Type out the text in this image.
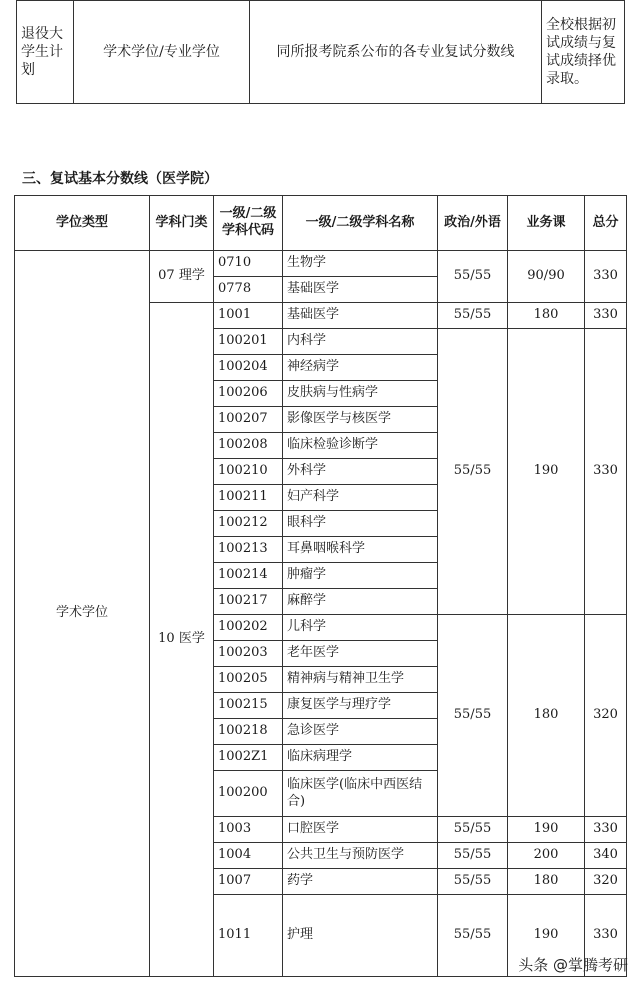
退役大学生计划	学术学位/专业学位	同所报考院系公布的各专业复试分数线	全校根据初试成绩与复试成绩择优录取。
三、复试基本分数线（医学院）
学位类型	学科门类	一级/二级学科代码	一级/二级学科名称	政治/外语	业务课	总分
学术学位	07 理学	0710	生物学	55/55	90/90	330
		0778	基础医学			
	10 医学	1001	基础医学	55/55	180	330
		100201	内科学	55/55	190	330
		100204	神经病学			
		100206	皮肤病与性病学			
		100207	影像医学与核医学			
		100208	临床检验诊断学			
		100210	外科学			
		100211	妇产科学			
		100212	眼科学			
		100213	耳鼻咽喉科学			
		100214	肿瘤学			
		100217	麻醉学			
		100202	儿科学	55/55	180	320
		100203	老年医学			
		100205	精神病与精神卫生学			
		100215	康复医学与理疗学			
		100218	急诊医学			
		1002Z1	临床病理学			
		100200	临床医学(临床中西医结合)			
		1003	口腔医学	55/55	190	330
		1004	公共卫生与预防医学	55/55	200	340
		1007	药学	55/55	180	320
		1011	护理	55/55	190	330
头条 @掌腾考研
